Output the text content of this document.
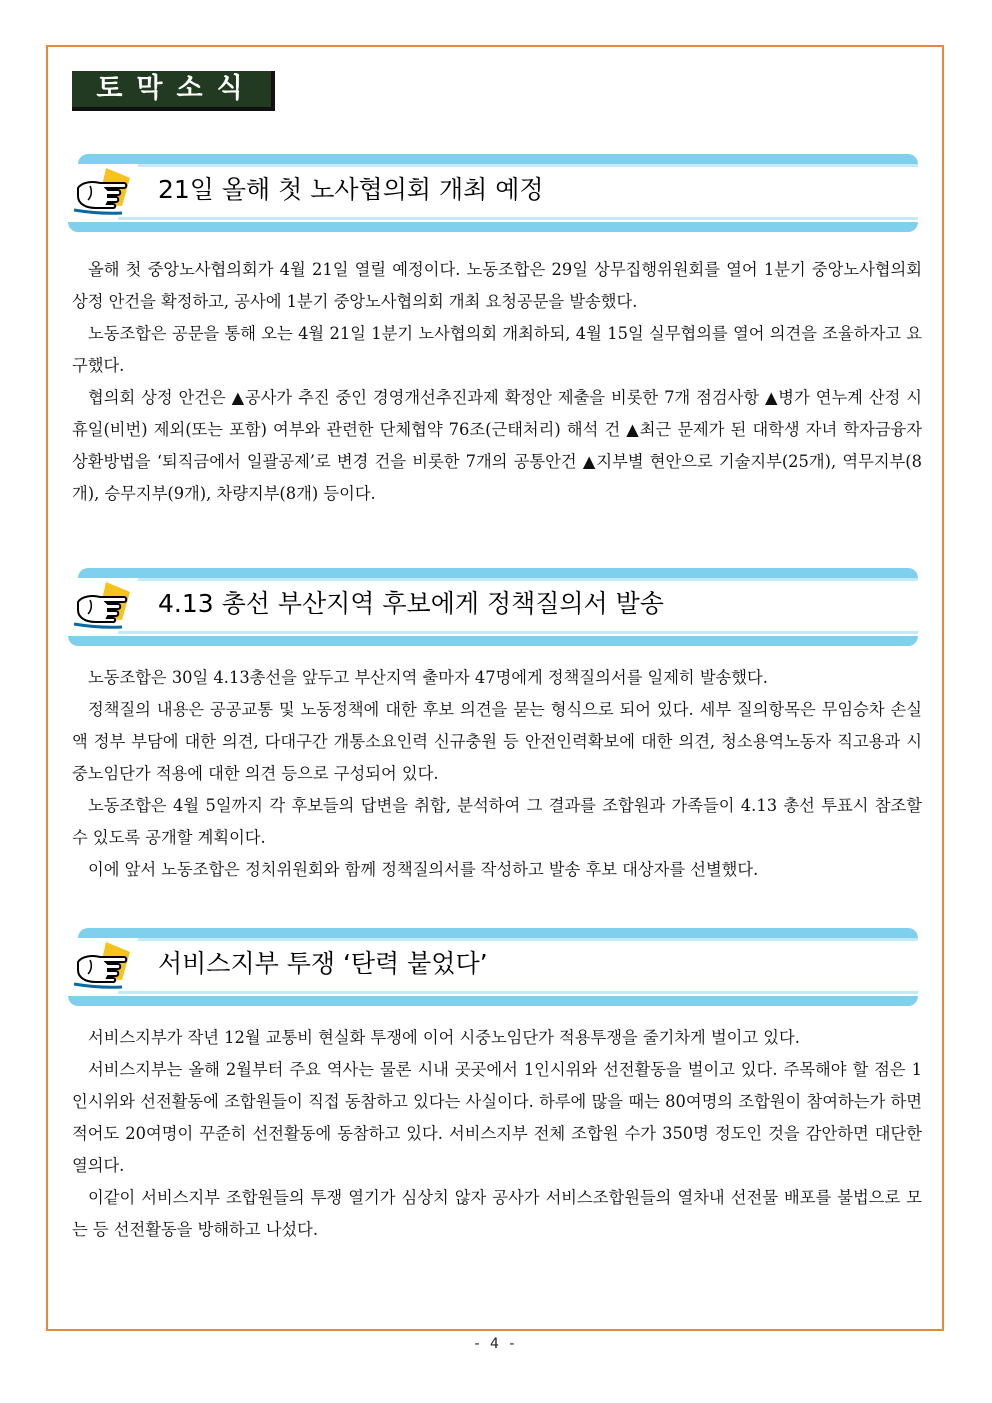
토막소식
21일 올해 첫 노사협의회 개최 예정

올해 첫 중앙노사협의회가 4월 21일 열릴 예정이다. 노동조합은 29일 상무집행위원회를 열어 1분기 중앙노사협의회 상정 안건을 확정하고, 공사에 1분기 중앙노사협의회 개최 요청공문을 발송했다.

노동조합은 공문을 통해 오는 4월 21일 1분기 노사협의회 개최하되, 4월 15일 실무협의를 열어 의견을 조율하자고 요구했다.

협의회 상정 안건은 ▲공사가 추진 중인 경영개선추진과제 확정안 제출을 비롯한 7개 점검사항 ▲병가 연누계 산정 시 휴일(비번) 제외(또는 포함) 여부와 관련한 단체협약 76조(근태처리) 해석 건 ▲최근 문제가 된 대학생 자녀 학자금융자 상환방법을 ‘퇴직금에서 일괄공제’로 변경 건을 비롯한 7개의 공통안건 ▲지부별 현안으로 기술지부(25개), 역무지부(8개), 승무지부(9개), 차량지부(8개) 등이다.

4.13 총선 부산지역 후보에게 정책질의서 발송

노동조합은 30일 4.13총선을 앞두고 부산지역 출마자 47명에게 정책질의서를 일제히 발송했다.

정책질의 내용은 공공교통 및 노동정책에 대한 후보 의견을 묻는 형식으로 되어 있다. 세부 질의항목은 무임승차 손실액 정부 부담에 대한 의견, 다대구간 개통소요인력 신규충원 등 안전인력확보에 대한 의견, 청소용역노동자 직고용과 시중노임단가 적용에 대한 의견 등으로 구성되어 있다.

노동조합은 4월 5일까지 각 후보들의 답변을 취합, 분석하여 그 결과를 조합원과 가족들이 4.13 총선 투표시 참조할 수 있도록 공개할 계획이다.

이에 앞서 노동조합은 정치위원회와 함께 정책질의서를 작성하고 발송 후보 대상자를 선별했다.

서비스지부 투쟁 ‘탄력 붙었다’

서비스지부가 작년 12월 교통비 현실화 투쟁에 이어 시중노임단가 적용투쟁을 줄기차게 벌이고 있다.

서비스지부는 올해 2월부터 주요 역사는 물론 시내 곳곳에서 1인시위와 선전활동을 벌이고 있다. 주목해야 할 점은 1인시위와 선전활동에 조합원들이 직접 동참하고 있다는 사실이다. 하루에 많을 때는 80여명의 조합원이 참여하는가 하면 적어도 20여명이 꾸준히 선전활동에 동참하고 있다. 서비스지부 전체 조합원 수가 350명 정도인 것을 감안하면 대단한 열의다.

이같이 서비스지부 조합원들의 투쟁 열기가 심상치 않자 공사가 서비스조합원들의 열차내 선전물 배포를 불법으로 모는 등 선전활동을 방해하고 나섰다.

- 4 -
